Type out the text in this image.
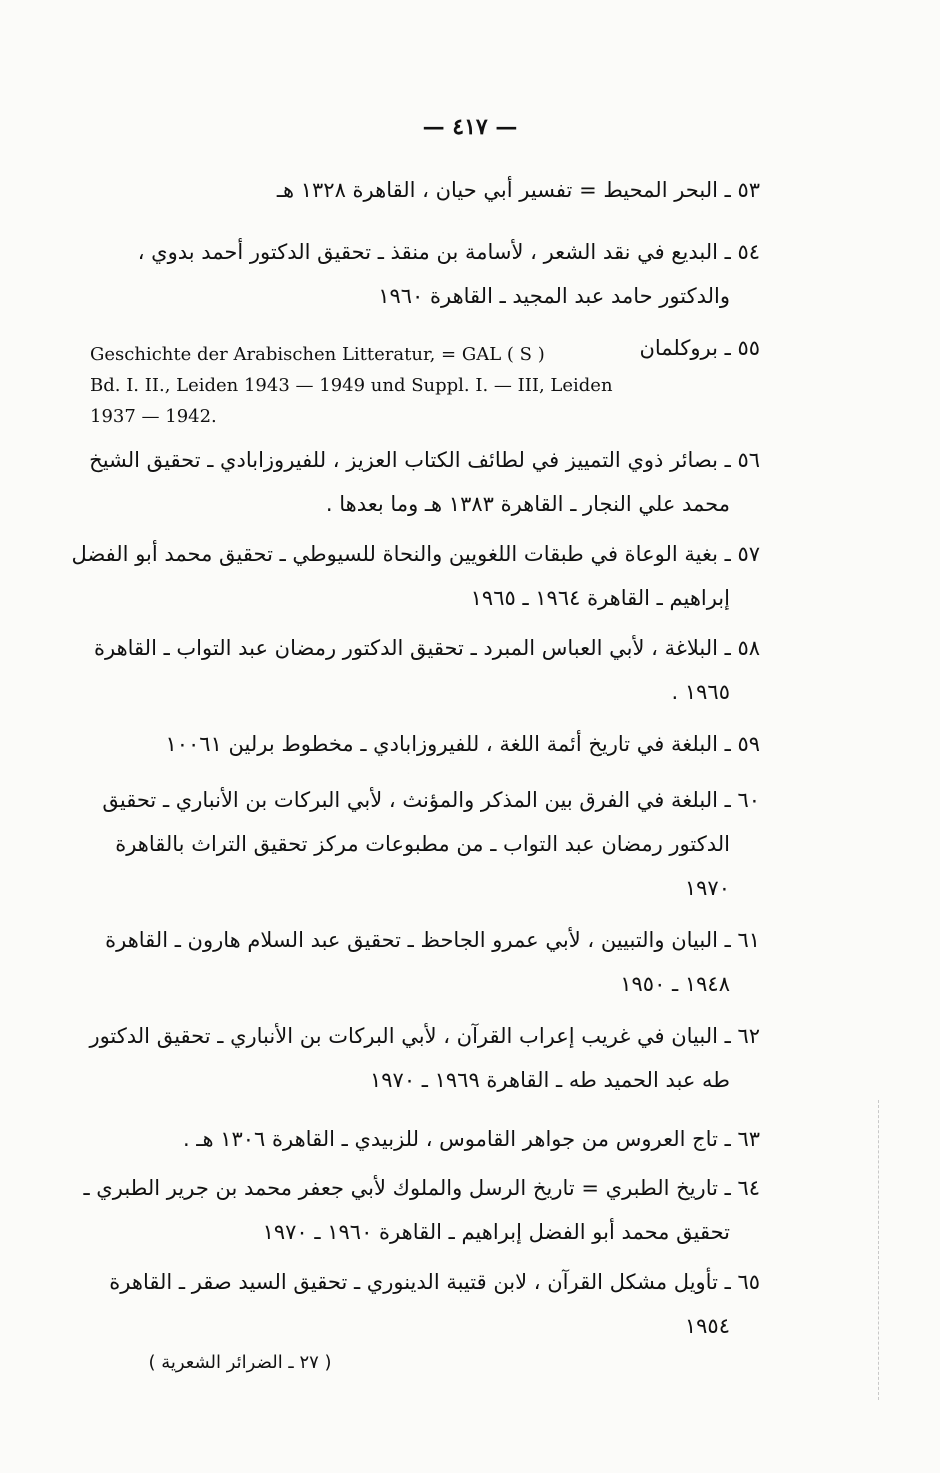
— ٤١٧ —
٥٣ ـ البحر المحيط = تفسير أبي حيان ، القاهرة ١٣٢٨ هـ
٥٤ ـ البديع في نقد الشعر ، لأسامة بن منقذ ـ تحقيق الدكتور أحمد بدوي ،
والدكتور حامد عبد المجيد ـ القاهرة ١٩٦٠
٥٥ ـ بروكلمان
Geschichte der Arabischen Litteratur, = GAL ( S )
Bd. I. II., Leiden 1943 — 1949 und Suppl. I. — III, Leiden
1937 — 1942.
٥٦ ـ بصائر ذوي التمييز في لطائف الكتاب العزيز ، للفيروزابادي ـ تحقيق الشيخ
محمد علي النجار ـ القاهرة ١٣٨٣ هـ وما بعدها .
٥٧ ـ بغية الوعاة في طبقات اللغويين والنحاة للسيوطي ـ تحقيق محمد أبو الفضل
إبراهيم ـ القاهرة ١٩٦٤ ـ ١٩٦٥
٥٨ ـ البلاغة ، لأبي العباس المبرد ـ تحقيق الدكتور رمضان عبد التواب ـ القاهرة
١٩٦٥ .
٥٩ ـ البلغة في تاريخ أئمة اللغة ، للفيروزابادي ـ مخطوط برلين ١٠٠٦١
٦٠ ـ البلغة في الفرق بين المذكر والمؤنث ، لأبي البركات بن الأنباري ـ تحقيق
الدكتور رمضان عبد التواب ـ من مطبوعات مركز تحقيق التراث بالقاهرة
١٩٧٠
٦١ ـ البيان والتبيين ، لأبي عمرو الجاحظ ـ تحقيق عبد السلام هارون ـ القاهرة
١٩٤٨ ـ ١٩٥٠
٦٢ ـ البيان في غريب إعراب القرآن ، لأبي البركات بن الأنباري ـ تحقيق الدكتور
طه عبد الحميد طه ـ القاهرة ١٩٦٩ ـ ١٩٧٠
٦٣ ـ تاج العروس من جواهر القاموس ، للزبيدي ـ القاهرة ١٣٠٦ هـ .
٦٤ ـ تاريخ الطبري = تاريخ الرسل والملوك لأبي جعفر محمد بن جرير الطبري ـ
تحقيق محمد أبو الفضل إبراهيم ـ القاهرة ١٩٦٠ ـ ١٩٧٠
٦٥ ـ تأويل مشكل القرآن ، لابن قتيبة الدينوري ـ تحقيق السيد صقر ـ القاهرة
١٩٥٤
( ٢٧ ـ الضرائر الشعرية )
